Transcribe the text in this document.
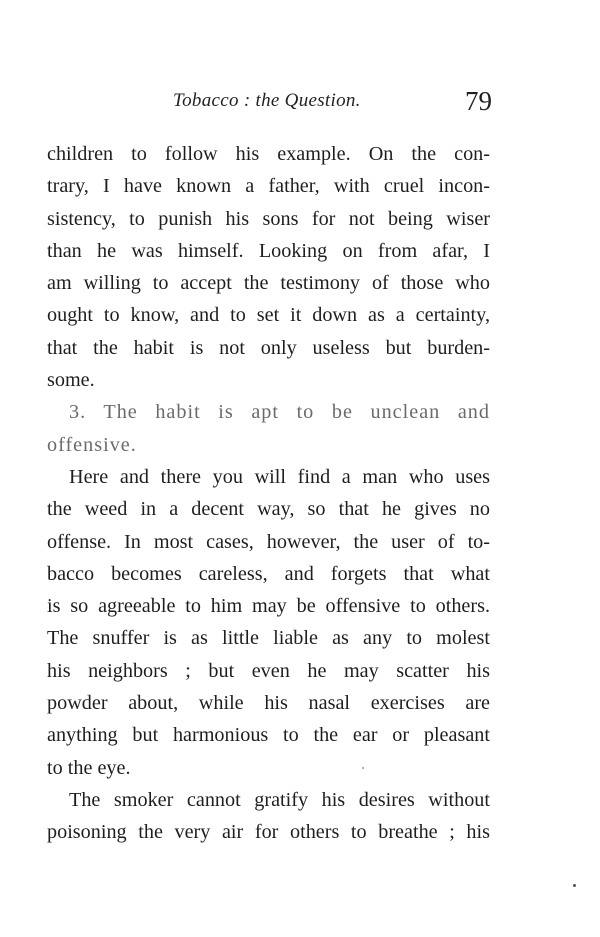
Tobacco : the Question.	79
children to follow his example. On the con-
trary, I have known a father, with cruel incon-
sistency, to punish his sons for not being wiser
than he was himself. Looking on from afar, I
am willing to accept the testimony of those who
ought to know, and to set it down as a certainty,
that the habit is not only useless but burden-
some.
3. The habit is apt to be unclean and
offensive.
Here and there you will find a man who uses
the weed in a decent way, so that he gives no
offense. In most cases, however, the user of to-
bacco becomes careless, and forgets that what
is so agreeable to him may be offensive to others.
The snuffer is as little liable as any to molest
his neighbors ; but even he may scatter his
powder about, while his nasal exercises are
anything but harmonious to the ear or pleasant
to the eye.
The smoker cannot gratify his desires without
poisoning the very air for others to breathe ; his
